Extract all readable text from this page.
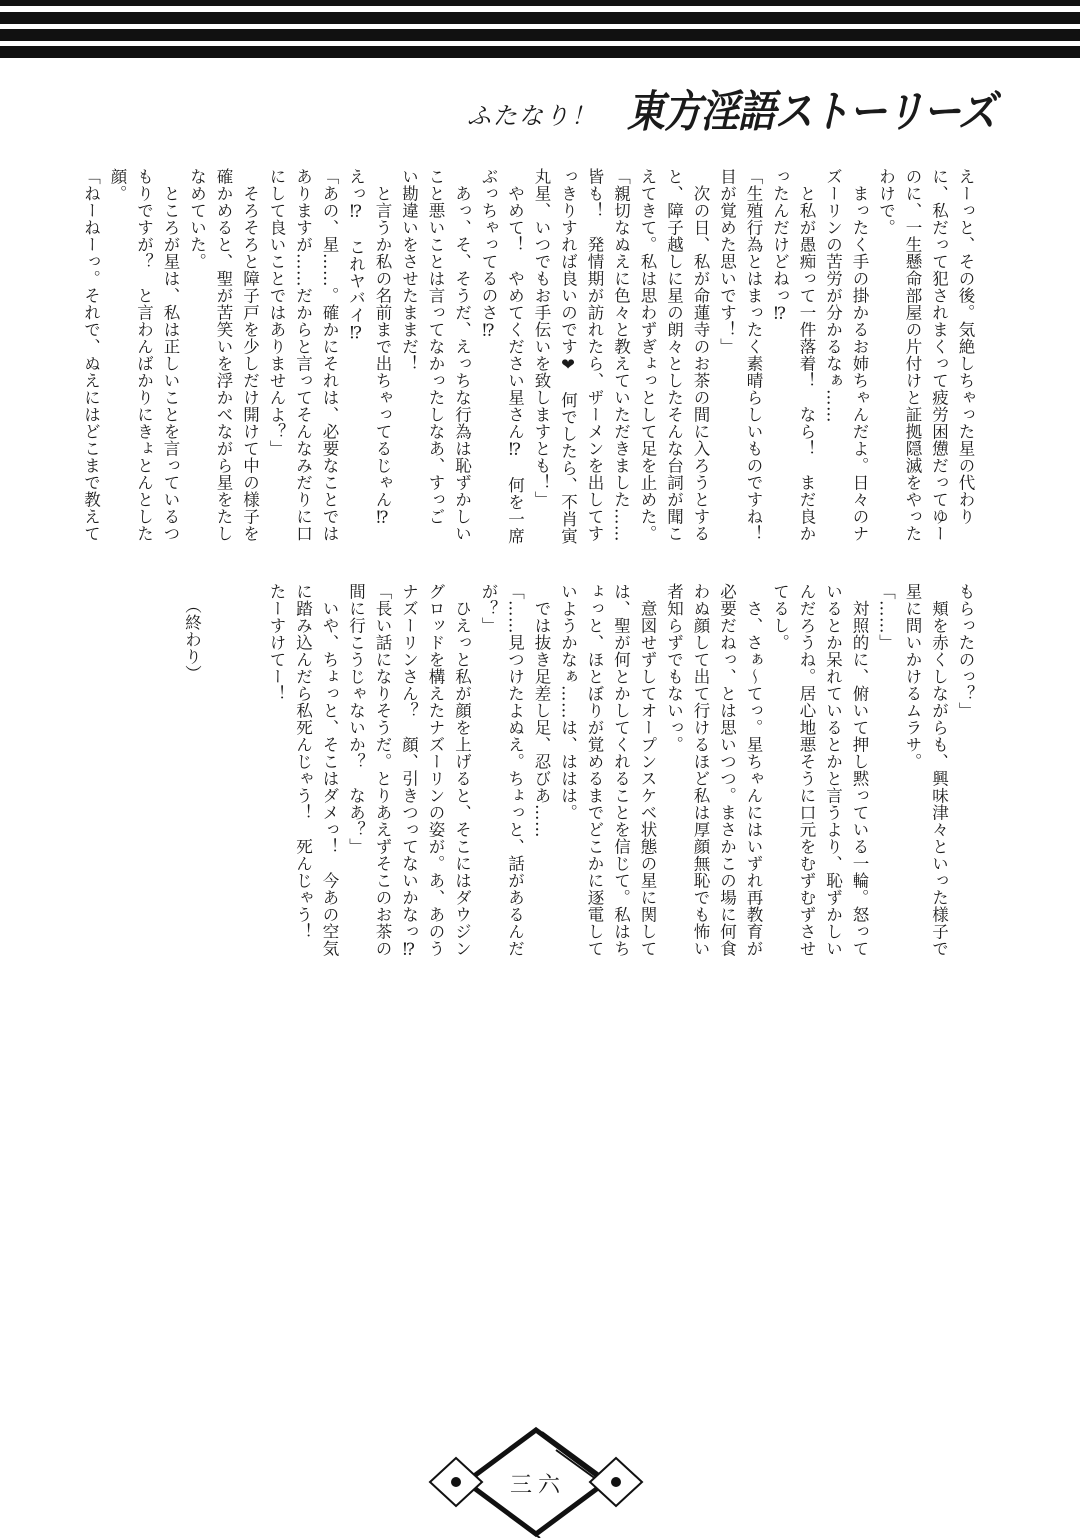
ふたなり！ 東方淫語ストーリーズ
えーっと、その後。気絶しちゃった星の代わり
に、私だって犯されまくって疲労困憊だってゆー
のに、一生懸命部屋の片付けと証拠隠滅をやった
わけで。
　まったく手の掛かるお姉ちゃんだよ。日々のナ
ズーリンの苦労が分かるなぁ……
　と私が愚痴って一件落着！　なら！　まだ良か
ったんだけどねっ⁉
「生殖行為とはまったく素晴らしいものですね！
目が覚めた思いです！」
　次の日、私が命蓮寺のお茶の間に入ろうとする
と、障子越しに星の朗々としたそんな台詞が聞こ
えてきて。私は思わずぎょっとして足を止めた。
「親切なぬえに色々と教えていただきました……
皆も！　発情期が訪れたら、ザーメンを出してす
っきりすれば良いのです❤　何でしたら、不肖寅
丸星、いつでもお手伝いを致しますとも！」
　やめて！　やめてください星さん⁉　何を一席
ぶっちゃってるのさ⁉
　あっ、そ、そうだ、えっちな行為は恥ずかしい
こと悪いことは言ってなかったしなあ、すっご
い勘違いをさせたままだ！
　と言うか私の名前まで出ちゃってるじゃん⁉
えっ⁉　これヤバイ⁉
「あの、星……。確かにそれは、必要なことでは
ありますが……だからと言ってそんなみだりに口
にして良いことではありませんよ？」
　そろそろと障子戸を少しだけ開けて中の様子を
確かめると、聖が苦笑いを浮かべながら星をたし
なめていた。
　ところが星は、私は正しいことを言っているつ
もりですが？　と言わんばかりにきょとんとした
顔。
「ねーねーっ。それで、ぬえにはどこまで教えて
もらったのっ？」
　頬を赤くしながらも、興味津々といった様子で
星に問いかけるムラサ。
「……」
　対照的に、俯いて押し黙っている一輪。怒って
いるとか呆れているとかと言うより、恥ずかしい
んだろうね。居心地悪そうに口元をむずむずさせ
てるし。
　さ、さぁ〜てっ。星ちゃんにはいずれ再教育が
必要だねっ、とは思いつつ。まさかこの場に何食
わぬ顔して出て行けるほど私は厚顔無恥でも怖い
者知らずでもないっ。
　意図せずしてオープンスケベ状態の星に関して
は、聖が何とかしてくれることを信じて。私はち
ょっと、ほとぼりが覚めるまでどこかに逐電して
いようかなぁ……は、ははは。
　では抜き足差し足、忍びあ……
「……見つけたよぬえ。ちょっと、話があるんだ
が？」
　ひえっと私が顔を上げると、そこにはダウジン
グロッドを構えたナズーリンの姿が。あ、あのう
ナズーリンさん？　顔、引きつってないかなっ⁉
「長い話になりそうだ。とりあえずそこのお茶の
間に行こうじゃないか？　なあ？」
　いや、ちょっと、そこはダメっ！　今あの空気
に踏み込んだら私死んじゃう！　死んじゃう！
たーすけてー！
（終わり）
三六
